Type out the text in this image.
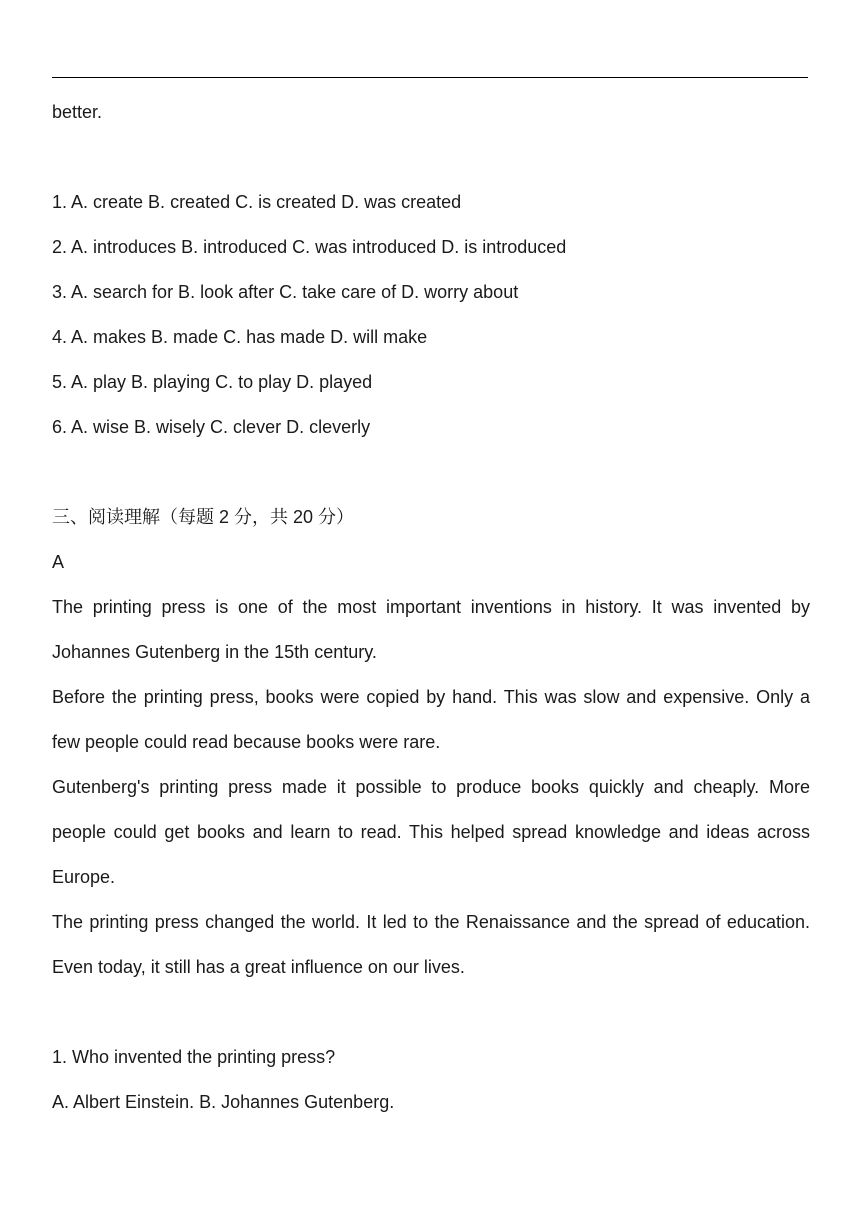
better.

1. A. create B. created C. is created D. was created

2. A. introduces B. introduced C. was introduced D. is introduced

3. A. search for B. look after C. take care of D. worry about

4. A. makes B. made C. has made D. will make

5. A. play B. playing C. to play D. played

6. A. wise B. wisely C. clever D. cleverly

三、阅读理解（每题 2 分，共 20 分）

A

The printing press is one of the most important inventions in history. It was invented by Johannes Gutenberg in the 15th century.

Before the printing press, books were copied by hand. This was slow and expensive. Only a few people could read because books were rare.

Gutenberg's printing press made it possible to produce books quickly and cheaply. More people could get books and learn to read. This helped spread knowledge and ideas across Europe.

The printing press changed the world. It led to the Renaissance and the spread of education. Even today, it still has a great influence on our lives.

1. Who invented the printing press?

A. Albert Einstein. B. Johannes Gutenberg.
